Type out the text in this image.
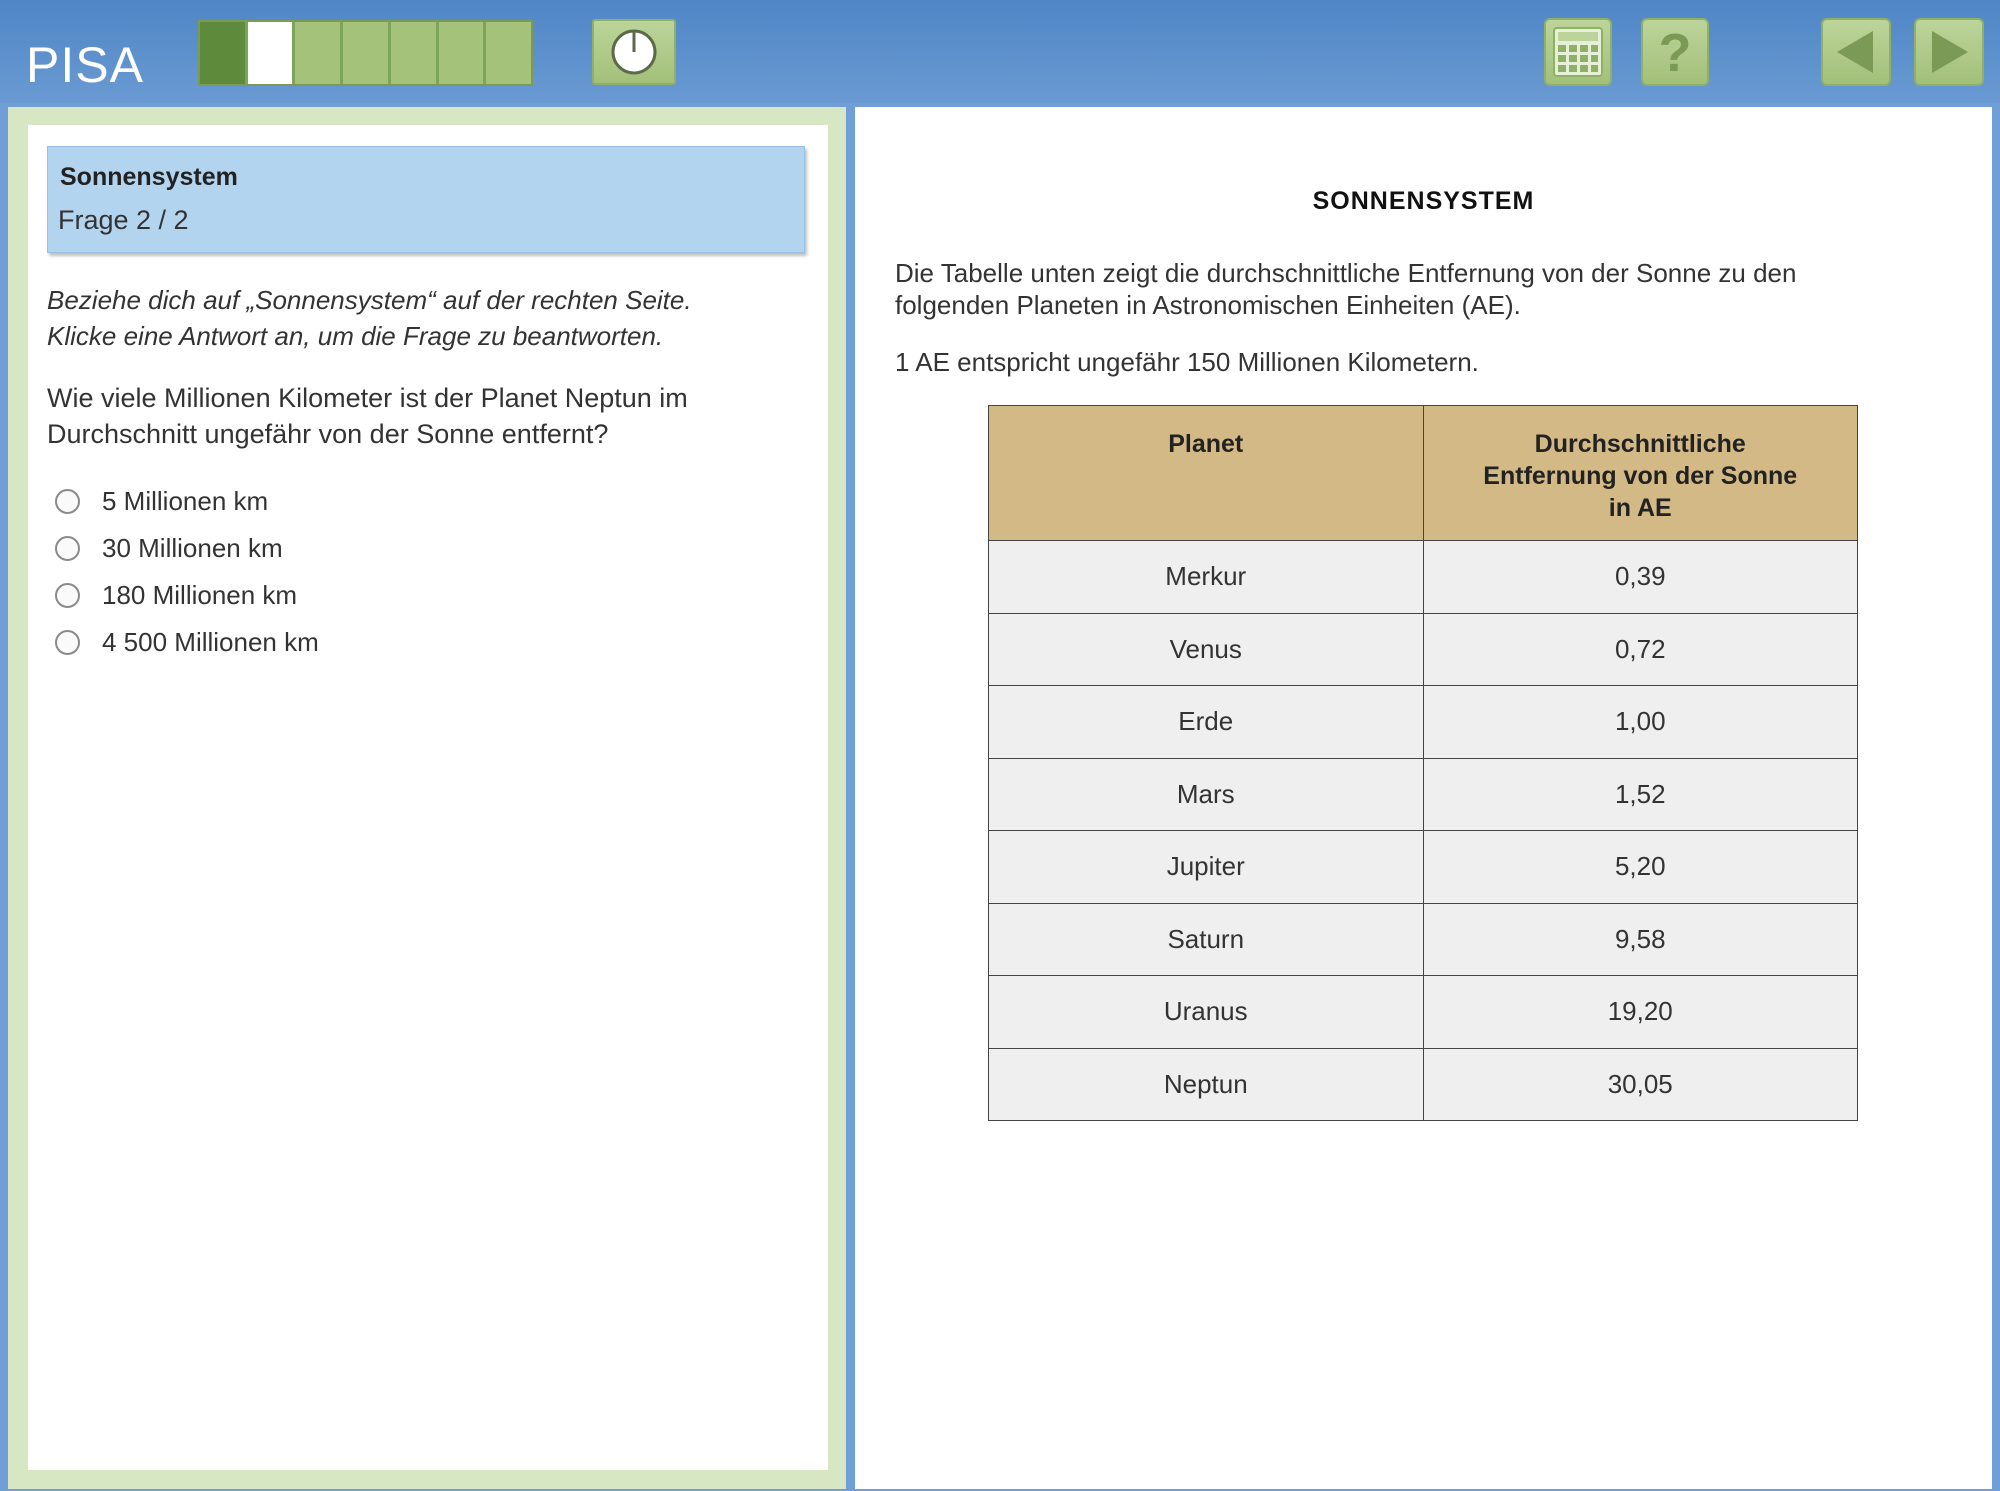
PISA	?
Sonnensystem
Frage 2 / 2
Beziehe dich auf „Sonnensystem“ auf der rechten Seite.
Klicke eine Antwort an, um die Frage zu beantworten.
Wie viele Millionen Kilometer ist der Planet Neptun im
Durchschnitt ungefähr von der Sonne entfernt?
5 Millionen km
30 Millionen km
180 Millionen km
4 500 Millionen km
SONNENSYSTEM
Die Tabelle unten zeigt die durchschnittliche Entfernung von der Sonne zu den
folgenden Planeten in Astronomischen Einheiten (AE).
1 AE entspricht ungefähr 150 Millionen Kilometern.
Planet	Durchschnittliche
Entfernung von der Sonne
in AE

Merkur	0,39
Venus	0,72
Erde	1,00
Mars	1,52
Jupiter	5,20
Saturn	9,58
Uranus	19,20
Neptun	30,05
